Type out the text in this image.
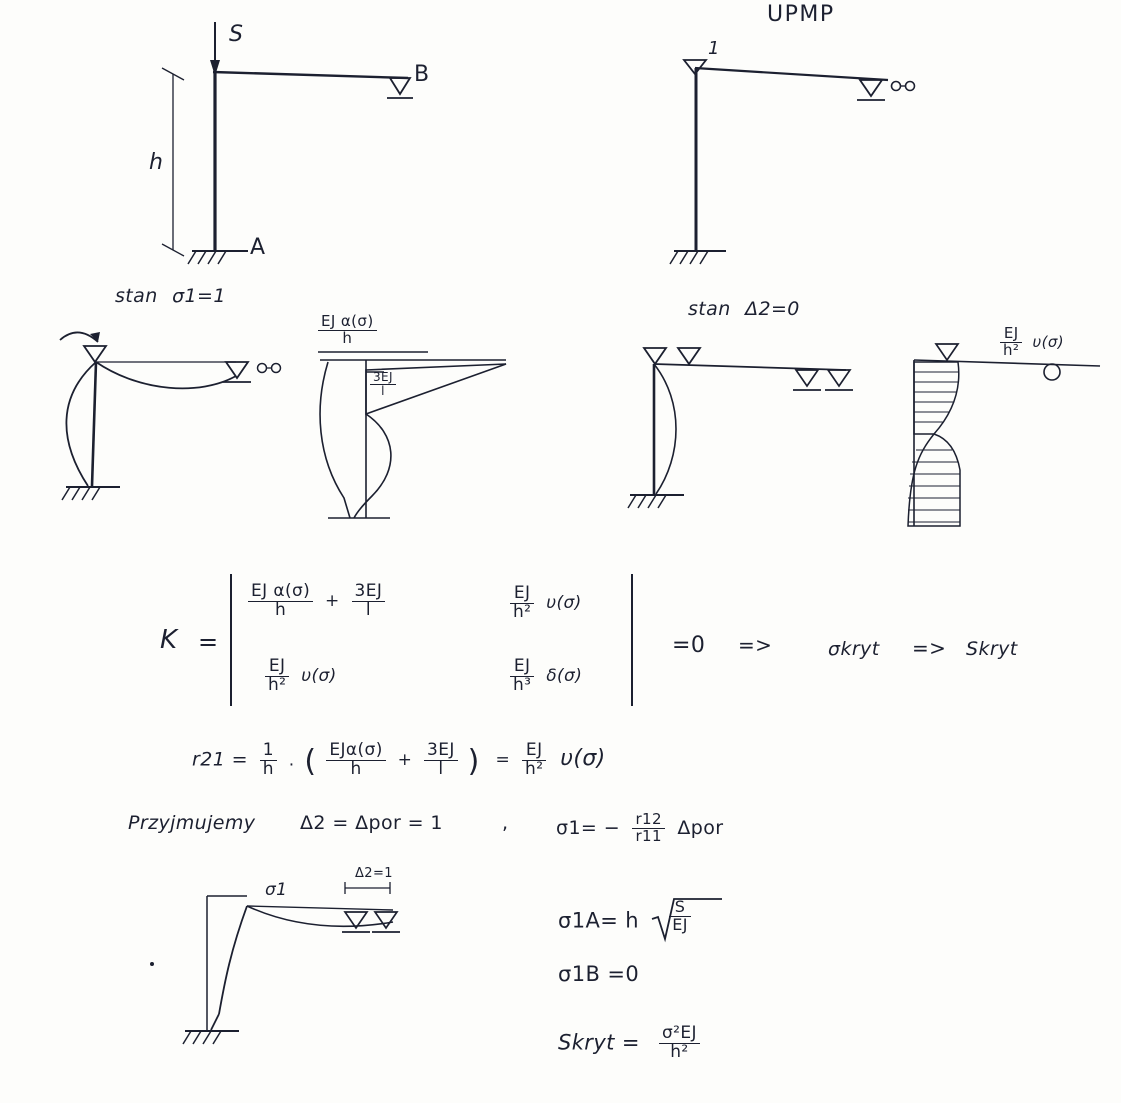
UPMP
S
B
h
A
1
stan σ1=1
$\frac{\text{EJ α(σ)}}{h}$
$\frac{3EJ}{l}$
stan Δ2=0
$\frac{EJ}{\text{h²}} \upsilon(\sigma)$
K =
$\frac{\text{EJ α(σ)}}{h} + \frac{3EJ}{l}$	$\frac{EJ}{\text{h²}} \upsilon(\sigma)$
$\frac{EJ}{\text{h²}} \upsilon(\sigma)$	$\frac{EJ}{\text{h³}} \delta(\sigma)$
=0 =>	σkryt => Skryt
$r21 = \frac{1}{h}$ . ( $\frac{\text{EJα(σ)}}{h} + \frac{3EJ}{l}$ ) = $\frac{EJ}{\text{h²}} \upsilon(\sigma)$
Przyjmujemy Δ2 = Δpor = 1	,	$\sigma 1= - \frac{r12}{r11}$ Δpor
σ1
Δ2=1
σ1A= h $\frac{S}{EJ}$
σ1B =0
Skryt = $\frac{\text{σ²EJ}}{\text{h²}}$
